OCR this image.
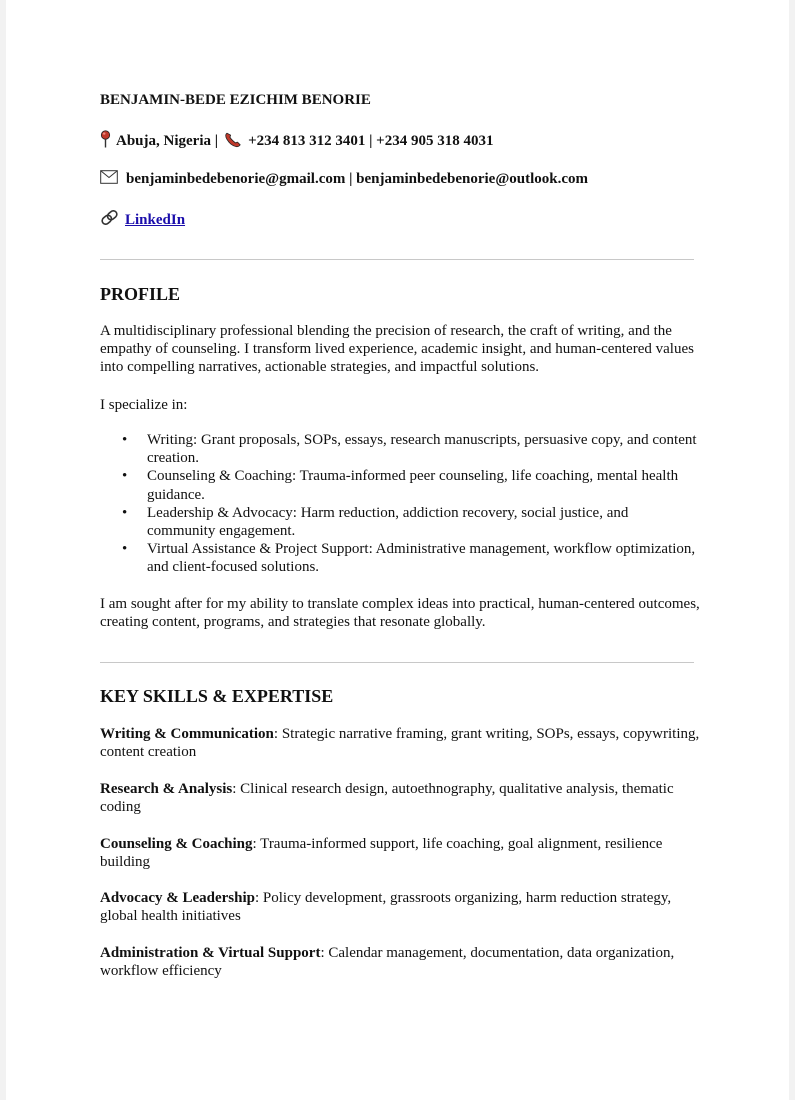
BENJAMIN-BEDE EZICHIM BENORIE
Abuja, Nigeria | +234 813 312 3401 | +234 905 318 4031
benjaminbedebenorie@gmail.com | benjaminbedebenorie@outlook.com
LinkedIn
PROFILE

A multidisciplinary professional blending the precision of research, the craft of writing, and the empathy of counseling. I transform lived experience, academic insight, and human-centered values into compelling narratives, actionable strategies, and impactful solutions.

I specialize in:

• Writing: Grant proposals, SOPs, essays, research manuscripts, persuasive copy, and content creation.
• Counseling & Coaching: Trauma-informed peer counseling, life coaching, mental health guidance.
• Leadership & Advocacy: Harm reduction, addiction recovery, social justice, and community engagement.
• Virtual Assistance & Project Support: Administrative management, workflow optimization, and client-focused solutions.

I am sought after for my ability to translate complex ideas into practical, human-centered outcomes, creating content, programs, and strategies that resonate globally.

KEY SKILLS & EXPERTISE

Writing & Communication: Strategic narrative framing, grant writing, SOPs, essays, copywriting, content creation

Research & Analysis: Clinical research design, autoethnography, qualitative analysis, thematic coding

Counseling & Coaching: Trauma-informed support, life coaching, goal alignment, resilience building

Advocacy & Leadership: Policy development, grassroots organizing, harm reduction strategy, global health initiatives

Administration & Virtual Support: Calendar management, documentation, data organization, workflow efficiency
